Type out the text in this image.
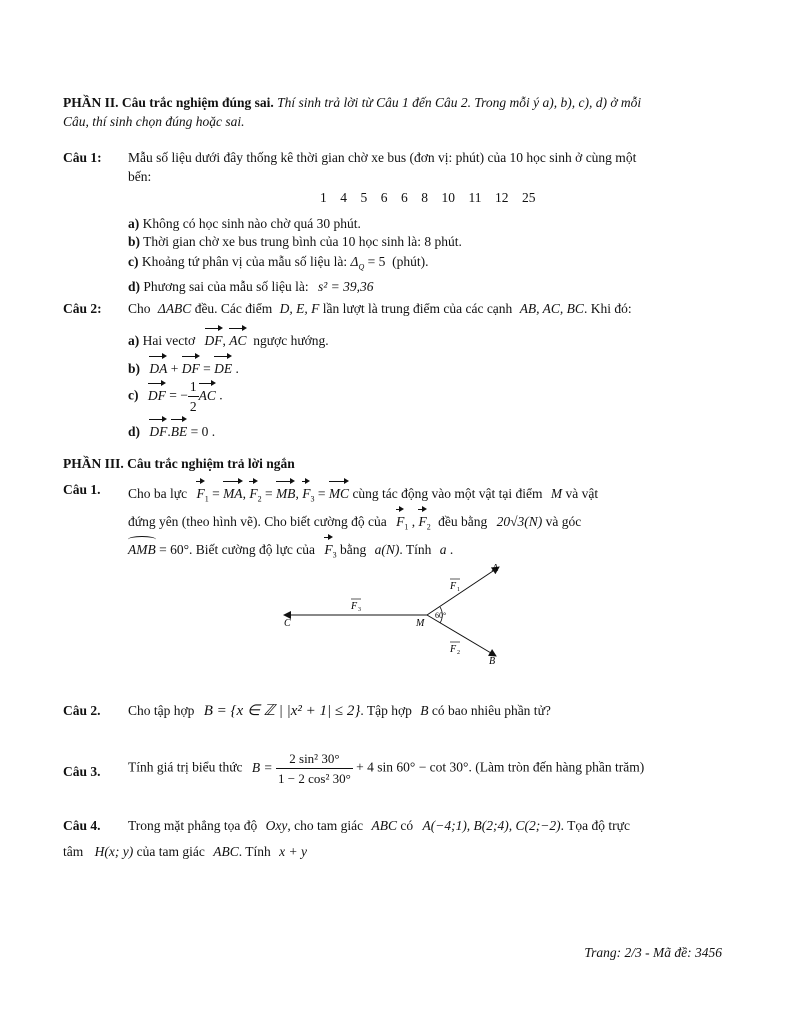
PHẦN II. Câu trắc nghiệm đúng sai. Thí sinh trả lời từ Câu 1 đến Câu 2. Trong mỗi ý a), b), c), d) ở mỗi
Câu, thí sinh chọn đúng hoặc sai.
Câu 1: Mẫu số liệu dưới đây thống kê thời gian chờ xe bus (đơn vị: phút) của 10 học sinh ở cùng một
bến:
1    4    5    6    6    8    10    11    12    25
a) Không có học sinh nào chờ quá 30 phút.
b) Thời gian chờ xe bus trung bình của 10 học sinh là: 8 phút.
c) Khoảng tứ phân vị của mẫu số liệu là: $\Delta_Q = 5$  (phút).
d) Phương sai của mẫu số liệu là: s² = 39,36
Câu 2: Cho ΔABC đều. Các điểm D, E, F lần lượt là trung điểm của các cạnh AB, AC, BC. Khi đó:
a) Hai vectơ DF, AC  ngược hướng.
b) DA + DF = DE .
c) DF = − $\frac{1}{2}$ AC .
d) DF.BE = 0 .
PHẦN III. Câu trắc nghiệm trả lời ngắn
Câu 1. Cho ba lực $F_1$ = MA, $F_2$ = MB, $F_3$ = MC cùng tác động vào một vật tại điểm M và vật
đứng yên (theo hình vẽ). Cho biết cường độ của $F_1$ , $F_2$ đều bằng 20√3(N) và góc
AMB = 60°. Biết cường độ lực của $F_3$ bằng a(N). Tính a .
60°
C	M
A
B
F 3
F 1
F 2
Câu 2. Cho tập hợp B = {x ∈ ℤ | |x² + 1| ≤ 2}. Tập hợp B có bao nhiêu phần tử?
Câu 3. Tính giá trị biểu thức $B = \frac{\text{2 sin² 30°}}{\text{1 − 2 cos² 30°}} + 4$ sin 60° − cot 30°. (Làm tròn đến hàng phần trăm)
Câu 4. Trong mặt phẳng tọa độ Oxy, cho tam giác ABC có A(−4;1), B(2;4), C(2;−2). Tọa độ trực
tâm H(x; y) của tam giác ABC. Tính x + y
Trang: 2/3 - Mã đề: 3456
